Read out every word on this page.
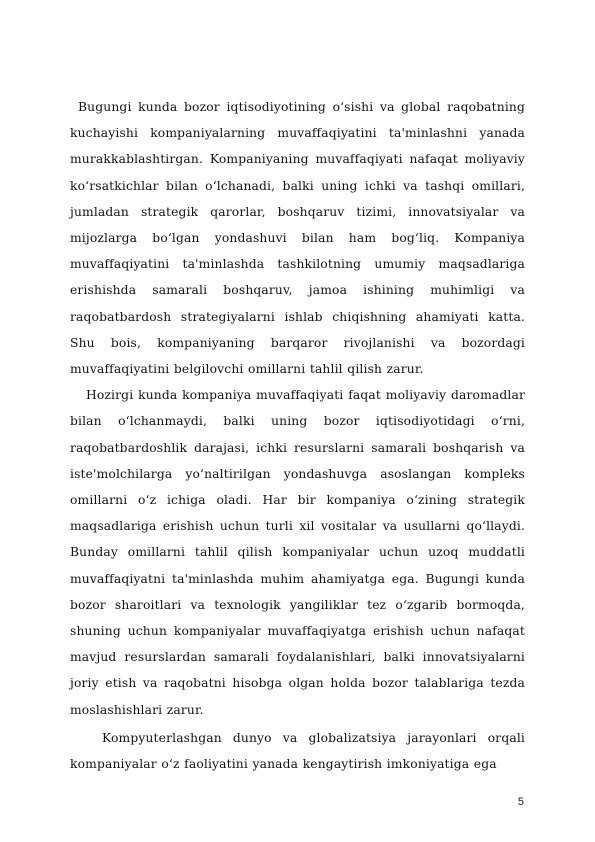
Bugungi kunda bozor iqtisodiyotining o‘sishi va global raqobatning kuchayishi kompaniyalarning muvaffaqiyatini ta'minlashni yanada murakkablashtirgan. Kompaniyaning muvaffaqiyati nafaqat moliyaviy ko‘rsatkichlar bilan o‘lchanadi, balki uning ichki va tashqi omillari, jumladan strategik qarorlar, boshqaruv tizimi, innovatsiyalar va mijozlarga bo‘lgan yondashuvi bilan ham bog‘liq. Kompaniya muvaffaqiyatini ta'minlashda tashkilotning umumiy maqsadlariga erishishda samarali boshqaruv, jamoa ishining muhimligi va raqobatbardosh strategiyalarni ishlab chiqishning ahamiyati katta. Shu bois, kompaniyaning barqaror rivojlanishi va bozordagi muvaffaqiyatini belgilovchi omillarni tahlil qilish zarur.

Hozirgi kunda kompaniya muvaffaqiyati faqat moliyaviy daromadlar bilan o‘lchanmaydi, balki uning bozor iqtisodiyotidagi o‘rni, raqobatbardoshlik darajasi, ichki resurslarni samarali boshqarish va iste'molchilarga yo‘naltirilgan yondashuvga asoslangan kompleks omillarni o‘z ichiga oladi. Har bir kompaniya o‘zining strategik maqsadlariga erishish uchun turli xil vositalar va usullarni qo‘llaydi. Bunday omillarni tahlil qilish kompaniyalar uchun uzoq muddatli muvaffaqiyatni ta'minlashda muhim ahamiyatga ega. Bugungi kunda bozor sharoitlari va texnologik yangiliklar tez o‘zgarib bormoqda, shuning uchun kompaniyalar muvaffaqiyatga erishish uchun nafaqat mavjud resurslardan samarali foydalanishlari, balki innovatsiyalarni joriy etish va raqobatni hisobga olgan holda bozor talablariga tezda moslashishlari zarur.

Kompyuterlashgan dunyo va globalizatsiya jarayonlari orqali kompaniyalar o‘z faoliyatini yanada kengaytirish imkoniyatiga ega

5
